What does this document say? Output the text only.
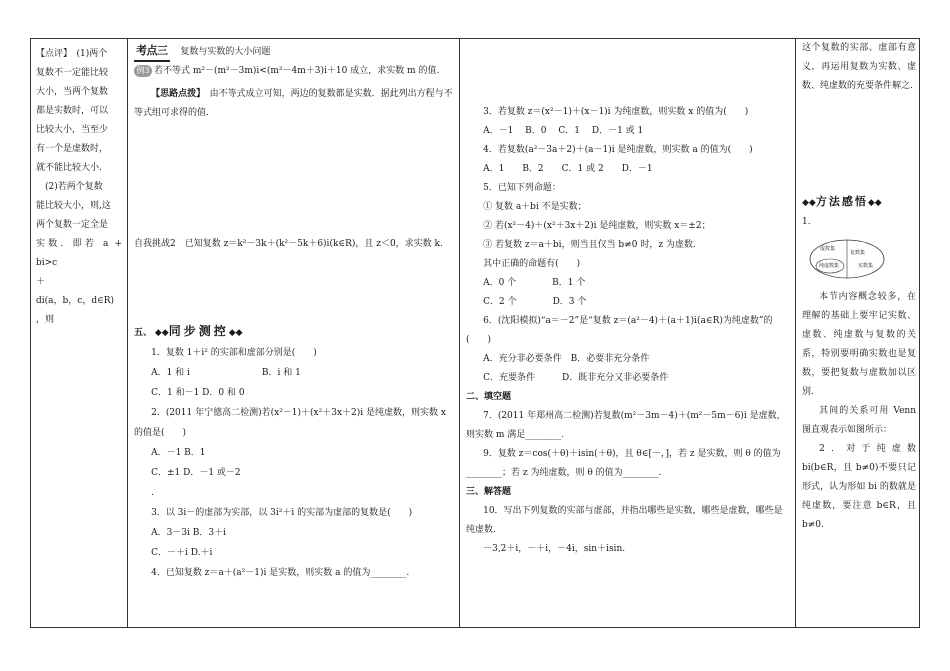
【点评】　(1)两个

复数不一定能比较

大小，当两个复数

都是实数时，可以

比较大小，当至少

有一个是虚数时，

就不能比较大小.

　(2)若两个复数

能比较大小，则,这

两个复数一定全是

实数．即若 a + bi>c

＋

di(a，b，c，d∈R)

，则

考点三 复数与实数的大小问题

例3 若不等式 m²－(m²－3m)i<(m²－4m＋3)i＋10 成立，求实数 m 的值.

【思路点拨】　 由不等式成立可知，两边的复数都是实数．据此列出方程与不等式组可求得的值.

自我挑战2　已知复数 z＝k²－3k＋(k²－5k＋6)i(k∈R)，且 z＜0，求实数 k.

五、 ◆◆同步测控◆◆

1．复数 1＋i² 的实部和虚部分别是(　　)

A．1 和 i　　　　　　　　B．i 和 1

C．1 和－1 D．0 和 0

2．(2011 年宁德高二检测)若(x²－1)＋(x²＋3x＋2)i 是纯虚数，则实数 x 的值是(　　)

A．－1 B．1

C．±1 D．－1 或－2

.

3．以 3i－的虚部为实部，以 3i²＋i 的实部为虚部的复数是(　　)

A．3－3i B．3＋i

C．－＋i D.＋i

4．已知复数 z＝a＋(a²－1)i 是实数，则实数 a 的值为________.

3．若复数 z＝(x²－1)＋(x－1)i 为纯虚数，则实数 x 的值为(　　)

A．－1　 B．0　 C．1　 D．－1 或 1

4．若复数(a²－3a＋2)＋(a－1)i 是纯虚数，则实数 a 的值为(　　)

A．1　　B．2　　C．1 或 2　　D．－1

5．已知下列命题：

① 复数 a＋bi 不是实数；

② 若(x²－4)＋(x²＋3x＋2)i 是纯虚数，则实数 x＝±2；

③ 若复数 z＝a＋bi，则当且仅当 b≠0 时，z 为虚数.

其中正确的命题有(　　)

A．0 个　　　　B．1 个

C．2 个　　　　D．3 个

6．(沈阳模拟)“a＝－2”是“复数 z＝(a²－4)＋(a＋1)i(a∈R)为纯虚数”的(　　)

A．充分非必要条件　B．必要非充分条件

C．充要条件　　　D．既非充分又非必要条件

二、填空题

7．(2011 年郑州高二检测)若复数(m²－3m－4)＋(m²－5m－6)i 是虚数，则实数 m 满足________.

9．复数 z＝cos(＋θ)＋isin(＋θ)，且 θ∈[－，]，若 z 是实数，则 θ 的值为________；若 z 为纯虚数，则 θ 的值为________.

三、解答题

10．写出下列复数的实部与虚部，并指出哪些是实数，哪些是虚数，哪些是纯虚数.

－3,2＋i，－＋i，－4i，sin＋isin.

这个复数的实部、虚部有意义，再运用复数为实数、虚数、纯虚数的充要条件解之.

◆◆方法感悟◆◆

1.

虚数集
复数集
纯虚数集	实数集

本节内容概念较多，在理解的基础上要牢记实数、虚数、纯虚数与复数的关系，特别要明确实数也是复数，要把复数与虚数加以区别.

其间的关系可用 Venn 图直观表示如图所示：

2．对于纯虚数 bi(b∈R，且 b≠0)不要只记形式，认为形如 bi 的数就是纯虚数，要注意 b∈R，且 b≠0.
